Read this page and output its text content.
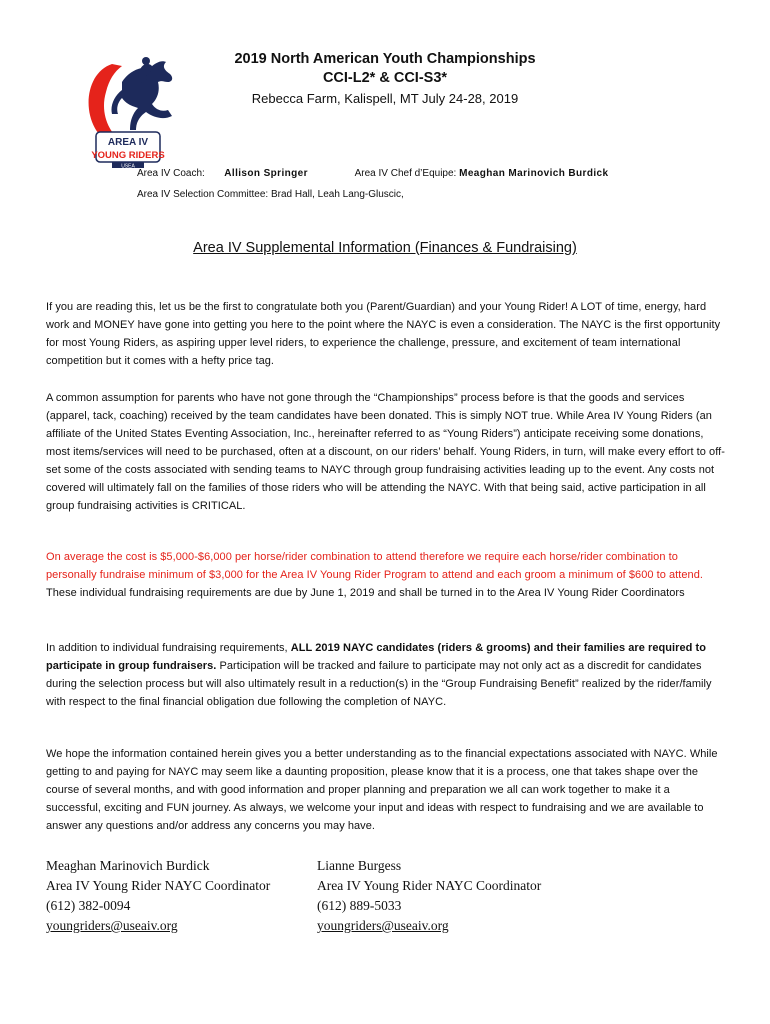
AREA IV
YOUNG RIDERS
USEA
2019 North American Youth Championships
CCI-L2* & CCI-S3*
Rebecca Farm, Kalispell, MT July 24-28, 2019
Area IV Coach: Allison Springer	Area IV Chef d’Equipe: Meaghan Marinovich Burdick
Area IV Selection Committee: Brad Hall, Leah Lang-Gluscic,
Area IV Supplemental Information (Finances & Fundraising)
If you are reading this, let us be the first to congratulate both you (Parent/Guardian) and your Young Rider! A LOT of time, energy, hard work and MONEY have gone into getting you here to the point where the NAYC is even a consideration. The NAYC is the first opportunity for most Young Riders, as aspiring upper level riders, to experience the challenge, pressure, and excitement of team international competition but it comes with a hefty price tag.
A common assumption for parents who have not gone through the “Championships” process before is that the goods and services (apparel, tack, coaching) received by the team candidates have been donated. This is simply NOT true. While Area IV Young Riders (an affiliate of the United States Eventing Association, Inc., hereinafter referred to as “Young Riders”) anticipate receiving some donations, most items/services will need to be purchased, often at a discount, on our riders’ behalf. Young Riders, in turn, will make every effort to off-set some of the costs associated with sending teams to NAYC through group fundraising activities leading up to the event. Any costs not covered will ultimately fall on the families of those riders who will be attending the NAYC. With that being said, active participation in all group fundraising activities is CRITICAL.
On average the cost is $5,000-$6,000 per horse/rider combination to attend therefore we require each horse/rider combination to personally fundraise minimum of $3,000 for the Area IV Young Rider Program to attend and each groom a minimum of $600 to attend. These individual fundraising requirements are due by June 1, 2019 and shall be turned in to the Area IV Young Rider Coordinators
In addition to individual fundraising requirements, ALL 2019 NAYC candidates (riders & grooms) and their families are required to participate in group fundraisers. Participation will be tracked and failure to participate may not only act as a discredit for candidates during the selection process but will also ultimately result in a reduction(s) in the “Group Fundraising Benefit” realized by the rider/family with respect to the final financial obligation due following the completion of NAYC.
We hope the information contained herein gives you a better understanding as to the financial expectations associated with NAYC. While getting to and paying for NAYC may seem like a daunting proposition, please know that it is a process, one that takes shape over the course of several months, and with good information and proper planning and preparation we all can work together to make it a successful, exciting and FUN journey. As always, we welcome your input and ideas with respect to fundraising and we are available to answer any questions and/or address any concerns you may have.
Meaghan Marinovich Burdick
Area IV Young Rider NAYC Coordinator
(612) 382-0094
youngriders@useaiv.org
Lianne Burgess
Area IV Young Rider NAYC Coordinator
(612) 889-5033
youngriders@useaiv.org
